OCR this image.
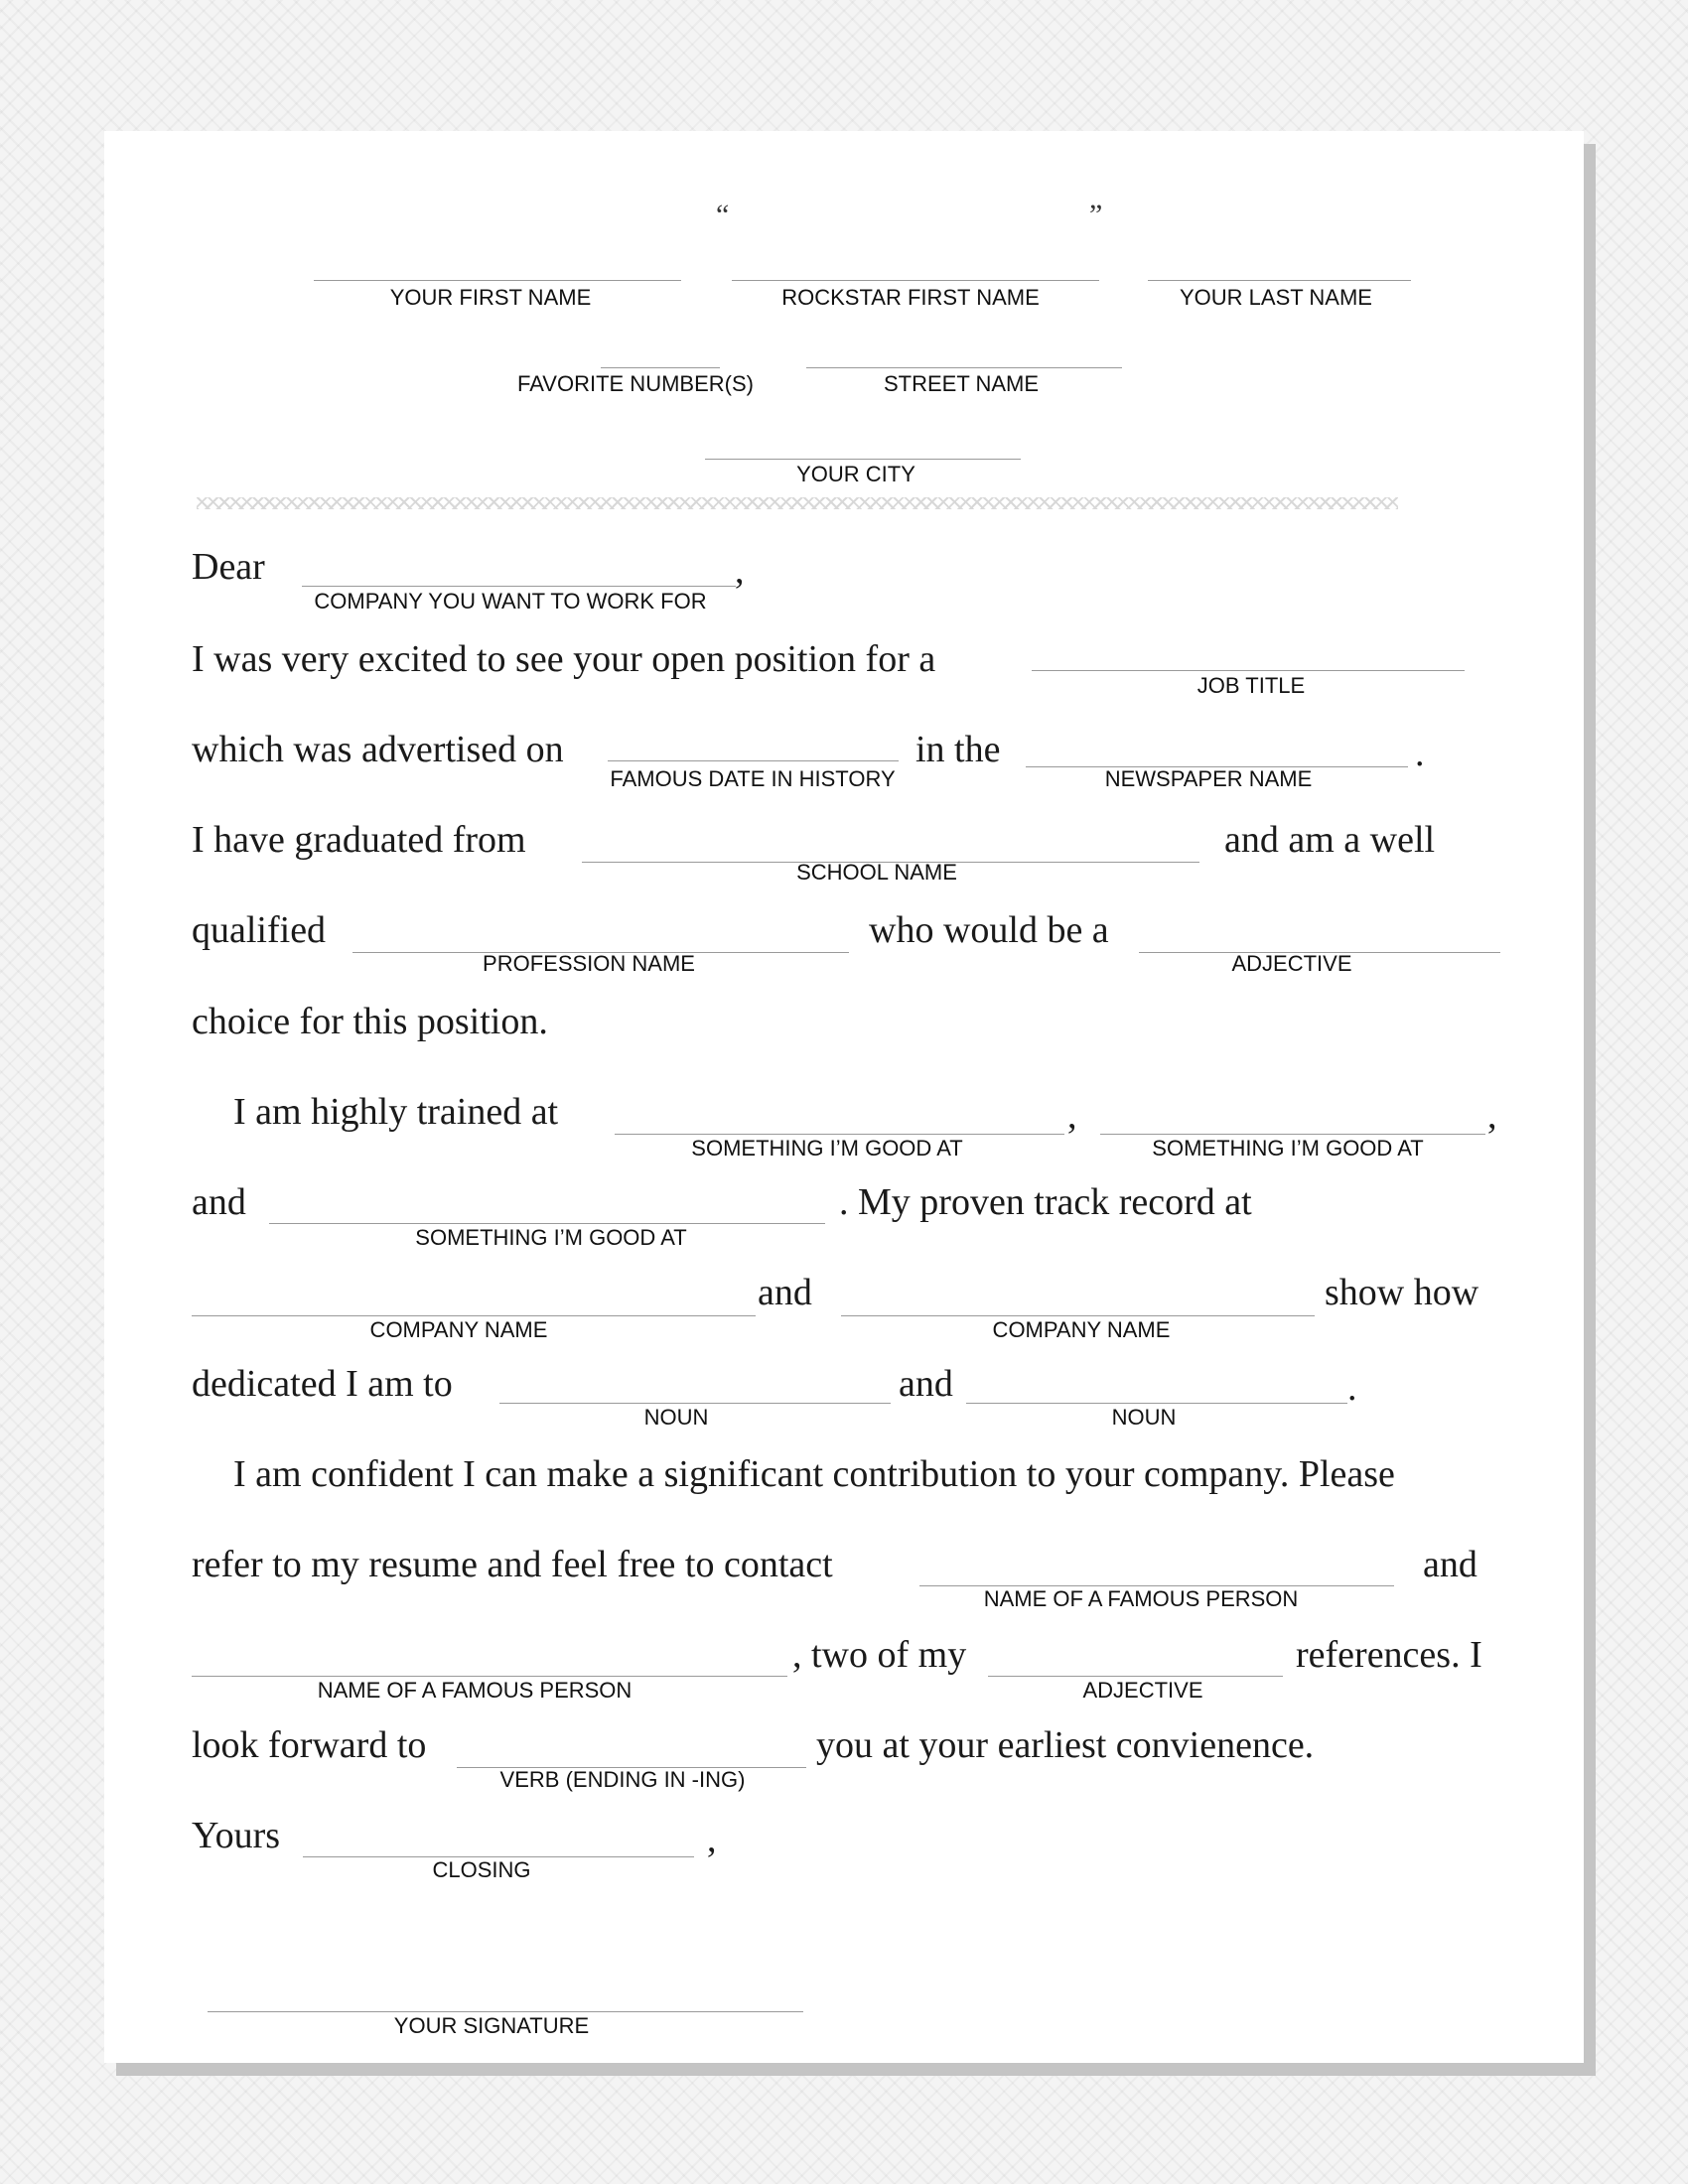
“	”
YOUR FIRST NAME	ROCKSTAR FIRST NAME	YOUR LAST NAME
FAVORITE NUMBER(S)	STREET NAME
YOUR CITY
Dear	,
COMPANY YOU WANT TO WORK FOR
I was very excited to see your open position for a
JOB TITLE
which was advertised on
FAMOUS DATE IN HISTORY
in the	.
NEWSPAPER NAME
I have graduated from
SCHOOL NAME
and am a well
qualified
PROFESSION NAME
who would be a
ADJECTIVE
choice for this position.
I am highly trained at	,
SOMETHING I’M GOOD AT
,
SOMETHING I’M GOOD AT
and
SOMETHING I’M GOOD AT
. My proven track record at
COMPANY NAME
and
COMPANY NAME
show how
dedicated I am to
NOUN
and	.
NOUN
I am confident I can make a significant contribution to your company. Please
refer to my resume and feel free to contact
NAME OF A FAMOUS PERSON
and
NAME OF A FAMOUS PERSON
, two of my
ADJECTIVE
references. I
look forward to
VERB (ENDING IN -ING)
you at your earliest convienence.
Yours	,
CLOSING
YOUR SIGNATURE
